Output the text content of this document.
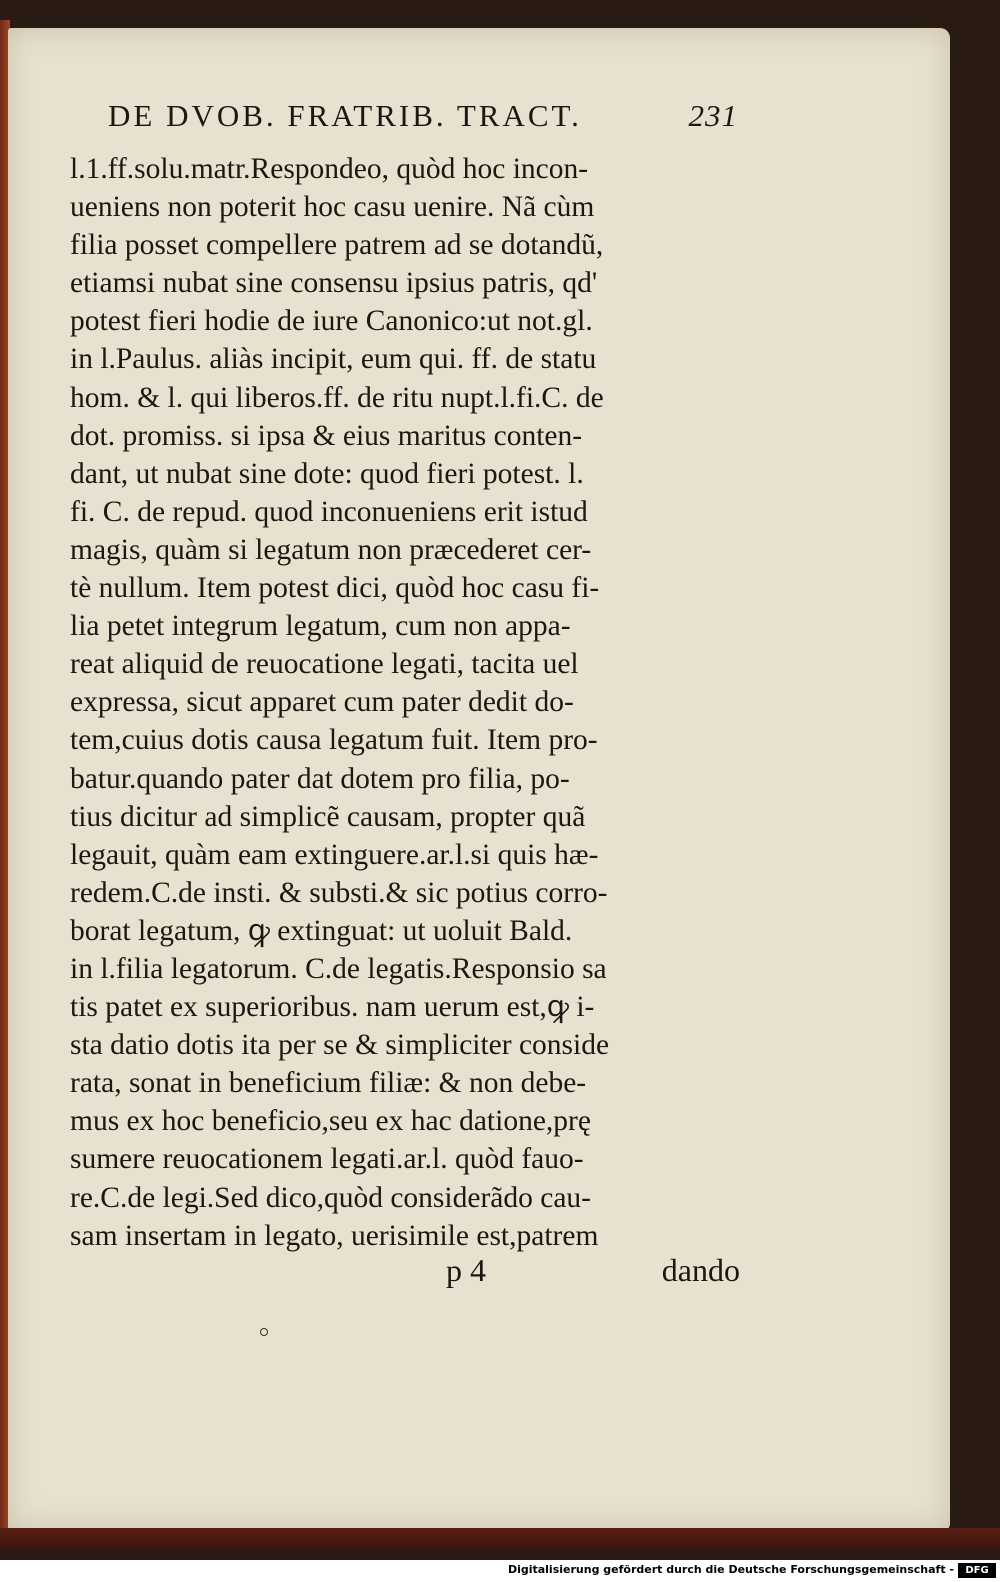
DE DVOB. FRATRIB. TRACT.	231
l.1.ff.solu.matr.Respondeo, quòd hoc incon-
ueniens non poterit hoc casu uenire. Nã cùm
filia posset compellere patrem ad se dotandũ,
etiamsi nubat sine consensu ipsius patris, qd'
potest fieri hodie de iure Canonico:ut not.gl.
in l.Paulus. aliàs incipit, eum qui. ff. de statu
hom. & l. qui liberos.ff. de ritu nupt.l.fi.C. de
dot. promiss. si ipsa & eius maritus conten-
dant, ut nubat sine dote: quod fieri potest. l.
fi. C. de repud. quod inconueniens erit istud
magis, quàm si legatum non præcederet cer-
tè nullum. Item potest dici, quòd hoc casu fi-
lia petet integrum legatum, cum non appa-
reat aliquid de reuocatione legati, tacita uel
expressa, sicut apparet cum pater dedit do-
tem,cuius dotis causa legatum fuit. Item pro-
batur.quando pater dat dotem pro filia, po-
tius dicitur ad simplicẽ causam, propter quã
legauit, quàm eam extinguere.ar.l.si quis hæ-
redem.C.de insti. & substi.& sic potius corro-
borat legatum, ꝙ extinguat: ut uoluit Bald.
in l.filia legatorum. C.de legatis.Responsio sa
tis patet ex superioribus. nam uerum est,ꝙ i-
sta datio dotis ita per se & simpliciter conside
rata, sonat in beneficium filiæ: & non debe-
mus ex hoc beneficio,seu ex hac datione,prę
sumere reuocationem legati.ar.l. quòd fauo-
re.C.de legi.Sed dico,quòd considerãdo cau-
sam insertam in legato, uerisimile est,patrem
p 4	dando
Digitalisierung gefördert durch die Deutsche Forschungsgemeinschaft -	DFG
